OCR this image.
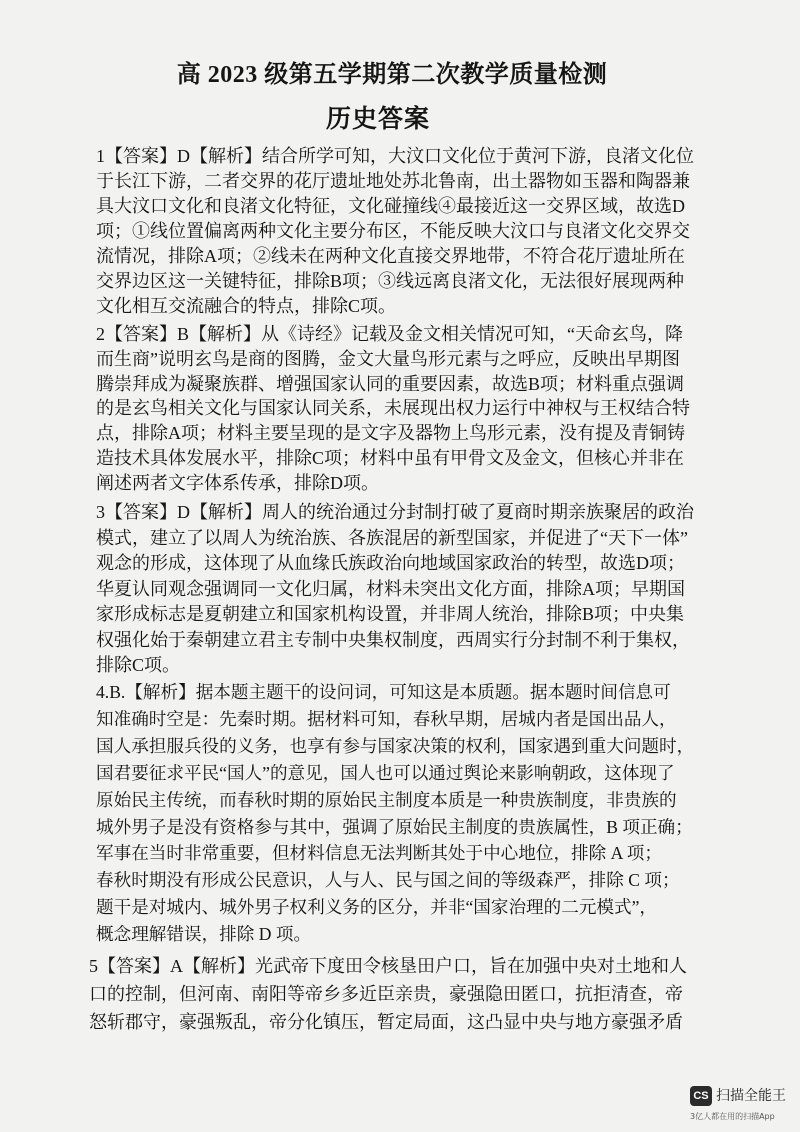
高 2023 级第五学期第二次教学质量检测
历史答案
1【答案】D【解析】结合所学可知，大汶口文化位于黄河下游，良渚文化位
于长江下游，二者交界的花厅遗址地处苏北鲁南，出土器物如玉器和陶器兼
具大汶口文化和良渚文化特征，文化碰撞线④最接近这一交界区域，故选D
项；①线位置偏离两种文化主要分布区，不能反映大汶口与良渚文化交界交
流情况，排除A项；②线未在两种文化直接交界地带，不符合花厅遗址所在
交界边区这一关键特征，排除B项；③线远离良渚文化，无法很好展现两种
文化相互交流融合的特点，排除C项。
2【答案】B【解析】从《诗经》记载及金文相关情况可知，“天命玄鸟，降
而生商”说明玄鸟是商的图腾，金文大量鸟形元素与之呼应，反映出早期图
腾崇拜成为凝聚族群、增强国家认同的重要因素，故选B项；材料重点强调
的是玄鸟相关文化与国家认同关系，未展现出权力运行中神权与王权结合特
点，排除A项；材料主要呈现的是文字及器物上鸟形元素，没有提及青铜铸
造技术具体发展水平，排除C项；材料中虽有甲骨文及金文，但核心并非在
阐述两者文字体系传承，排除D项。
3【答案】D【解析】周人的统治通过分封制打破了夏商时期亲族聚居的政治
模式，建立了以周人为统治族、各族混居的新型国家，并促进了“天下一体”
观念的形成，这体现了从血缘氏族政治向地域国家政治的转型，故选D项；
华夏认同观念强调同一文化归属，材料未突出文化方面，排除A项；早期国
家形成标志是夏朝建立和国家机构设置，并非周人统治，排除B项；中央集
权强化始于秦朝建立君主专制中央集权制度，西周实行分封制不利于集权，
排除C项。
4.B.【解析】据本题主题干的设问词，可知这是本质题。据本题时间信息可
知准确时空是：先秦时期。据材料可知，春秋早期，居城内者是国出品人，
国人承担服兵役的义务，也享有参与国家决策的权利，国家遇到重大问题时，
国君要征求平民“国人”的意见，国人也可以通过舆论来影响朝政，这体现了
原始民主传统，而春秋时期的原始民主制度本质是一种贵族制度，非贵族的
城外男子是没有资格参与其中，强调了原始民主制度的贵族属性，B 项正确；
军事在当时非常重要，但材料信息无法判断其处于中心地位，排除 A 项；
春秋时期没有形成公民意识，人与人、民与国之间的等级森严，排除 C 项；
题干是对城内、城外男子权利义务的区分，并非“国家治理的二元模式”，
概念理解错误，排除 D 项。
5【答案】A【解析】光武帝下度田令核垦田户口，旨在加强中央对土地和人
口的控制，但河南、南阳等帝乡多近臣亲贵，豪强隐田匿口，抗拒清查，帝
怒斩郡守，豪强叛乱，帝分化镇压，暂定局面，这凸显中央与地方豪强矛盾
CS 扫描全能王
3亿人都在用的扫描App
